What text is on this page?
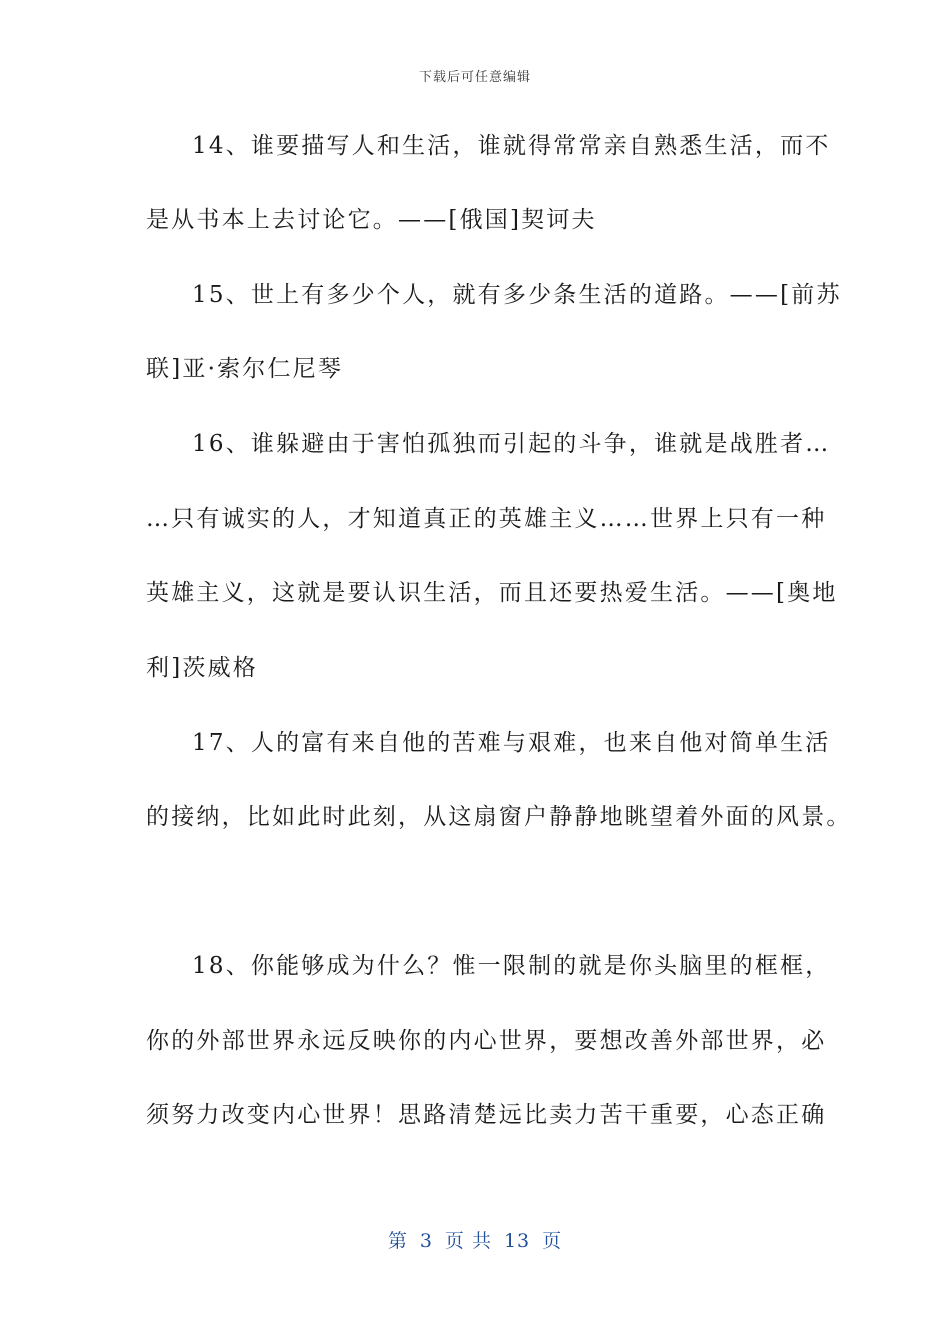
下载后可任意编辑
14、谁要描写人和生活，谁就得常常亲自熟悉生活，而不
是从书本上去讨论它。——[俄国]契诃夫
15、世上有多少个人，就有多少条生活的道路。——[前苏
联]亚·索尔仁尼琴
16、谁躲避由于害怕孤独而引起的斗争，谁就是战胜者…
…只有诚实的人，才知道真正的英雄主义……世界上只有一种
英雄主义，这就是要认识生活，而且还要热爱生活。——[奥地
利]茨威格
17、人的富有来自他的苦难与艰难，也来自他对简单生活
的接纳，比如此时此刻，从这扇窗户静静地眺望着外面的风景。
18、你能够成为什么？惟一限制的就是你头脑里的框框，
你的外部世界永远反映你的内心世界，要想改善外部世界，必
须努力改变内心世界！思路清楚远比卖力苦干重要，心态正确
第 3 页 共 13 页
